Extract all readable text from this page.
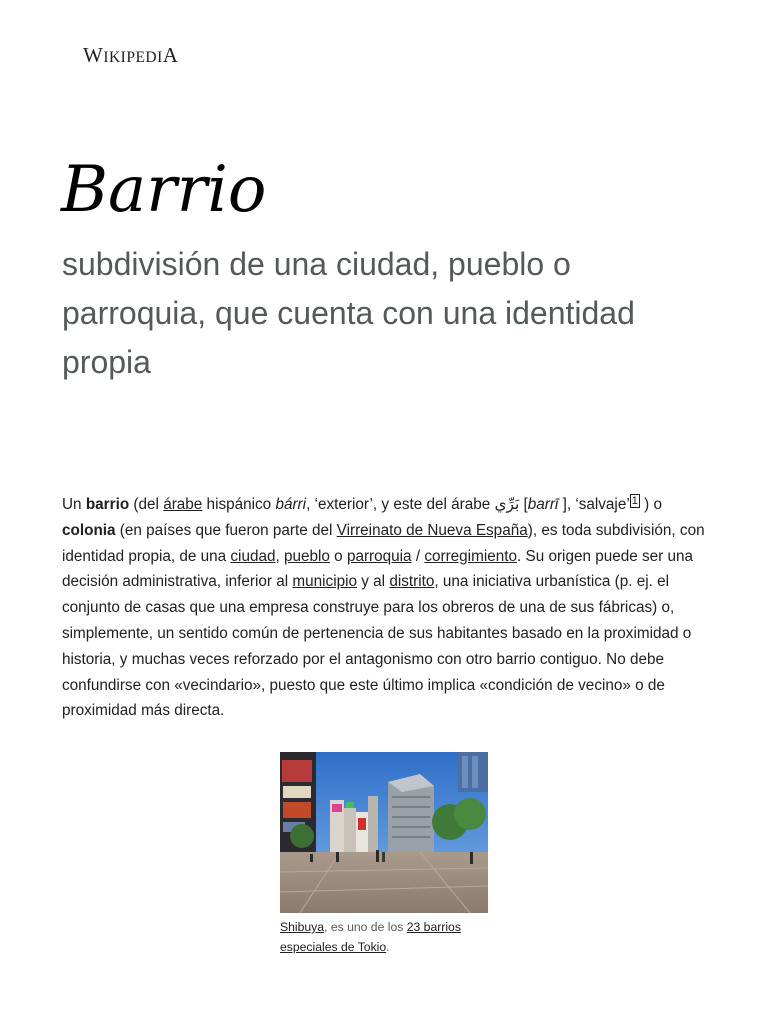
WIKIPEDIA
Barrio

subdivisión de una ciudad, pueblo o parroquia, que cuenta con una identidad propia

Un barrio (del árabe hispánico bárri, ‘exterior’, y este del árabe بَرِّي [barrī ], ‘salvaje’ $^1$ ) o colonia (en países que fueron parte del Virreinato de Nueva España), es toda subdivisión, con identidad propia, de una ciudad, pueblo o parroquia / corregimiento. Su origen puede ser una decisión administrativa, inferior al municipio y al distrito, una iniciativa urbanística (p. ej. el conjunto de casas que una empresa construye para los obreros de una de sus fábricas) o, simplemente, un sentido común de pertenencia de sus habitantes basado en la proximidad o historia, y muchas veces reforzado por el antagonismo con otro barrio contiguo. No debe confundirse con «vecindario», puesto que este último implica «condición de vecino» o de proximidad más directa.

Shibuya, es uno de los 23 barrios especiales de Tokio.
